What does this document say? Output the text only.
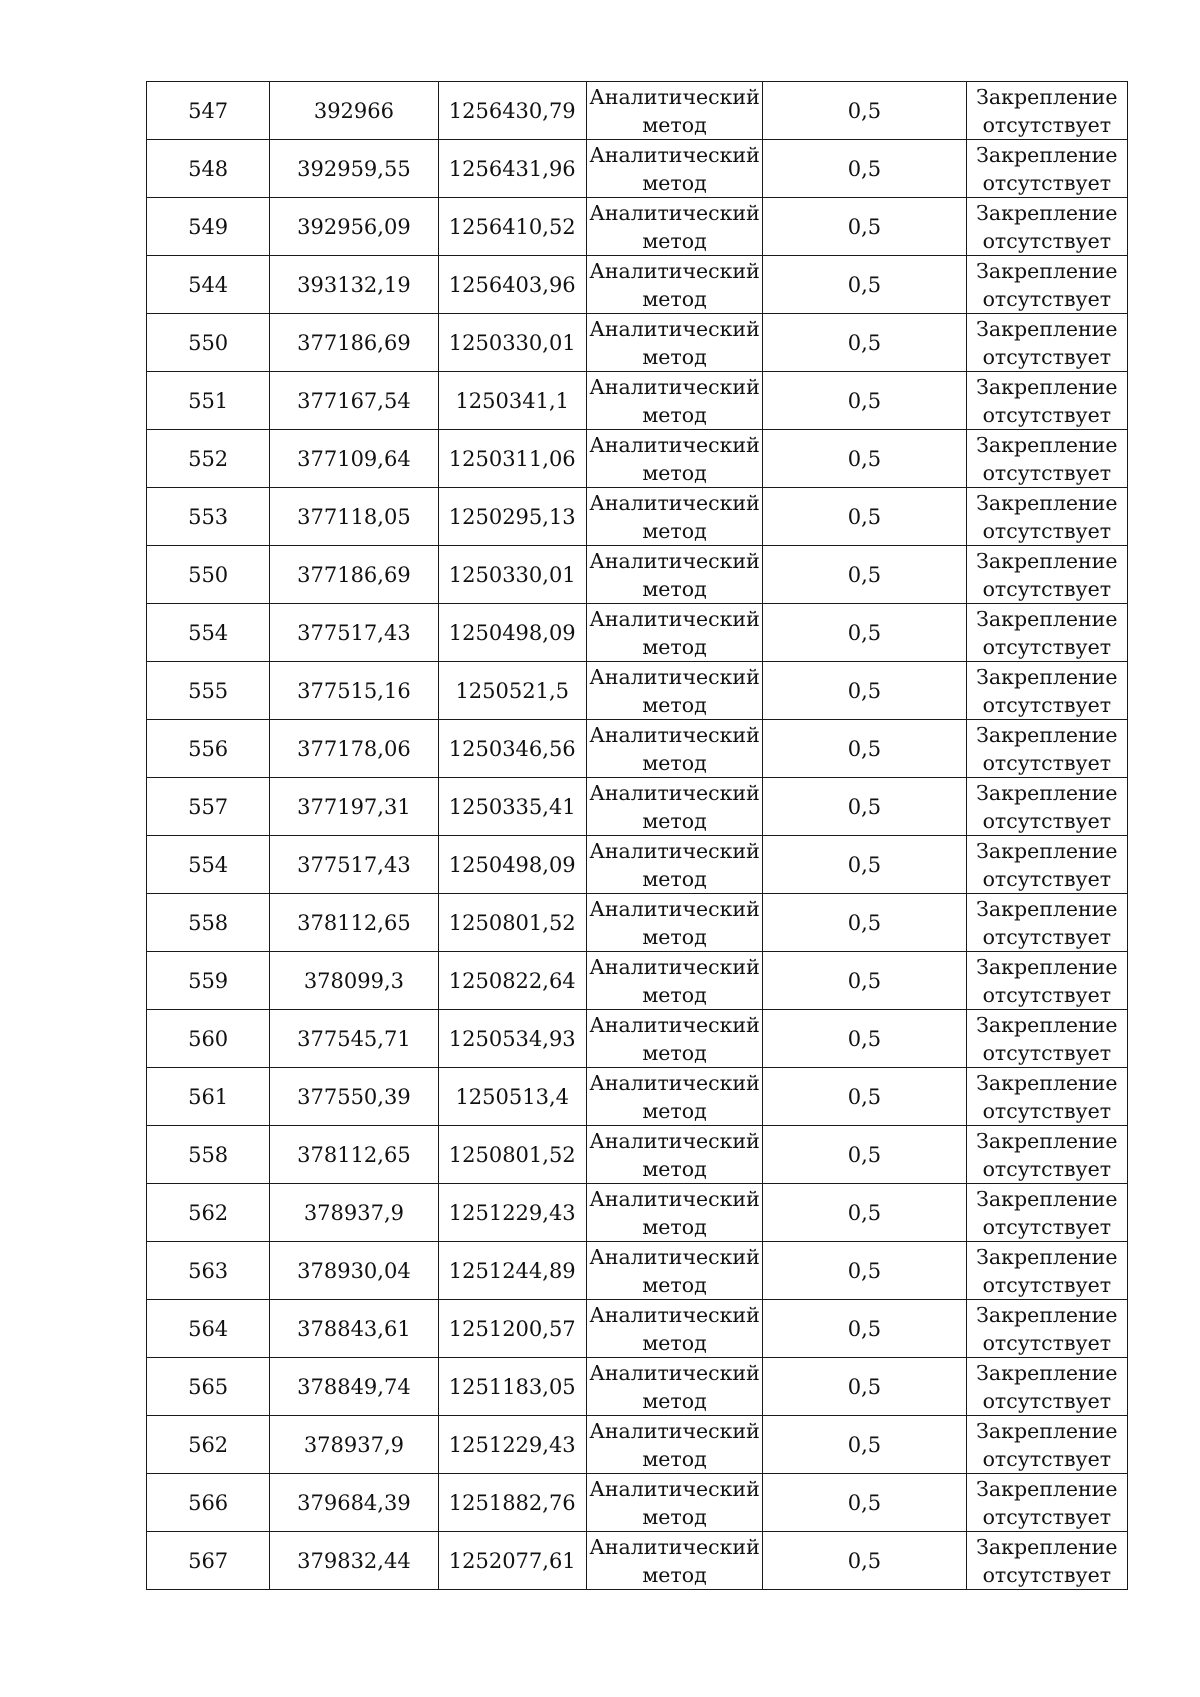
547	392966	1256430,79	Аналитический
метод	0,5	Закрепление
отсутствует

548	392959,55	1256431,96	Аналитический
метод	0,5	Закрепление
отсутствует

549	392956,09	1256410,52	Аналитический
метод	0,5	Закрепление
отсутствует

544	393132,19	1256403,96	Аналитический
метод	0,5	Закрепление
отсутствует

550	377186,69	1250330,01	Аналитический
метод	0,5	Закрепление
отсутствует

551	377167,54	1250341,1	Аналитический
метод	0,5	Закрепление
отсутствует

552	377109,64	1250311,06	Аналитический
метод	0,5	Закрепление
отсутствует

553	377118,05	1250295,13	Аналитический
метод	0,5	Закрепление
отсутствует

550	377186,69	1250330,01	Аналитический
метод	0,5	Закрепление
отсутствует

554	377517,43	1250498,09	Аналитический
метод	0,5	Закрепление
отсутствует

555	377515,16	1250521,5	Аналитический
метод	0,5	Закрепление
отсутствует

556	377178,06	1250346,56	Аналитический
метод	0,5	Закрепление
отсутствует

557	377197,31	1250335,41	Аналитический
метод	0,5	Закрепление
отсутствует

554	377517,43	1250498,09	Аналитический
метод	0,5	Закрепление
отсутствует

558	378112,65	1250801,52	Аналитический
метод	0,5	Закрепление
отсутствует

559	378099,3	1250822,64	Аналитический
метод	0,5	Закрепление
отсутствует

560	377545,71	1250534,93	Аналитический
метод	0,5	Закрепление
отсутствует

561	377550,39	1250513,4	Аналитический
метод	0,5	Закрепление
отсутствует

558	378112,65	1250801,52	Аналитический
метод	0,5	Закрепление
отсутствует

562	378937,9	1251229,43	Аналитический
метод	0,5	Закрепление
отсутствует

563	378930,04	1251244,89	Аналитический
метод	0,5	Закрепление
отсутствует

564	378843,61	1251200,57	Аналитический
метод	0,5	Закрепление
отсутствует

565	378849,74	1251183,05	Аналитический
метод	0,5	Закрепление
отсутствует

562	378937,9	1251229,43	Аналитический
метод	0,5	Закрепление
отсутствует

566	379684,39	1251882,76	Аналитический
метод	0,5	Закрепление
отсутствует

567	379832,44	1252077,61	Аналитический
метод	0,5	Закрепление
отсутствует
